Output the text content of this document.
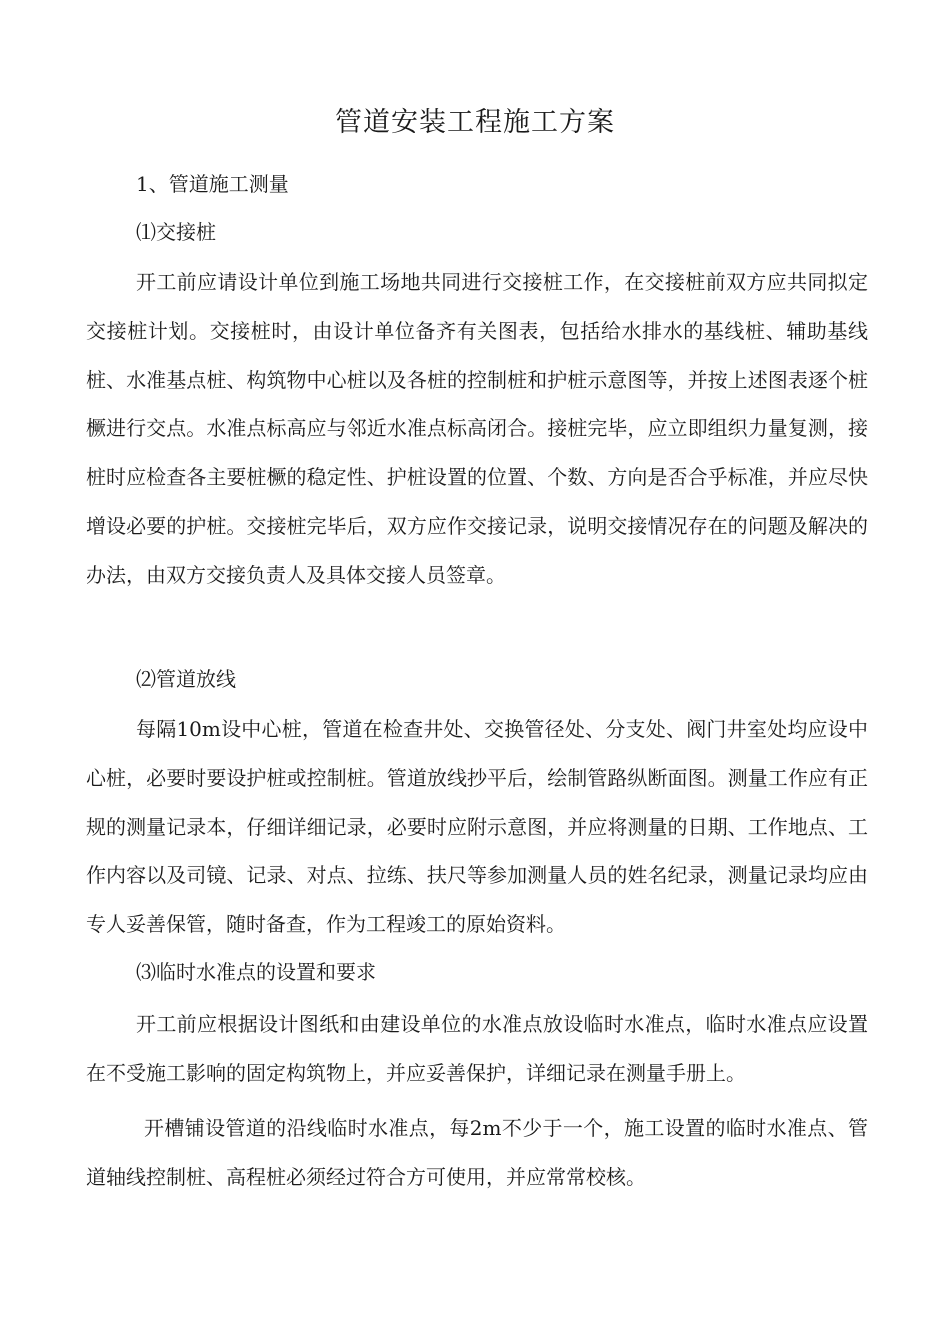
管道安装工程施工方案
1、管道施工测量
⑴交接桩
开工前应请设计单位到施工场地共同进行交接桩工作，在交接桩前双方应共同拟定交接桩计划。交接桩时，由设计单位备齐有关图表，包括给水排水的基线桩、辅助基线桩、水准基点桩、构筑物中心桩以及各桩的控制桩和护桩示意图等，并按上述图表逐个桩橛进行交点。水准点标高应与邻近水准点标高闭合。接桩完毕，应立即组织力量复测，接桩时应检查各主要桩橛的稳定性、护桩设置的位置、个数、方向是否合乎标准，并应尽快增设必要的护桩。交接桩完毕后，双方应作交接记录，说明交接情况存在的问题及解决的办法，由双方交接负责人及具体交接人员签章。
⑵管道放线
每隔10m设中心桩，管道在检查井处、交换管径处、分支处、阀门井室处均应设中心桩，必要时要设护桩或控制桩。管道放线抄平后，绘制管路纵断面图。测量工作应有正规的测量记录本，仔细详细记录，必要时应附示意图，并应将测量的日期、工作地点、工作内容以及司镜、记录、对点、拉练、扶尺等参加测量人员的姓名纪录，测量记录均应由专人妥善保管，随时备查，作为工程竣工的原始资料。
⑶临时水准点的设置和要求
开工前应根据设计图纸和由建设单位的水准点放设临时水准点，临时水准点应设置在不受施工影响的固定构筑物上，并应妥善保护，详细记录在测量手册上。
开槽铺设管道的沿线临时水准点，每2m不少于一个，施工设置的临时水准点、管道轴线控制桩、高程桩必须经过符合方可使用，并应常常校核。
